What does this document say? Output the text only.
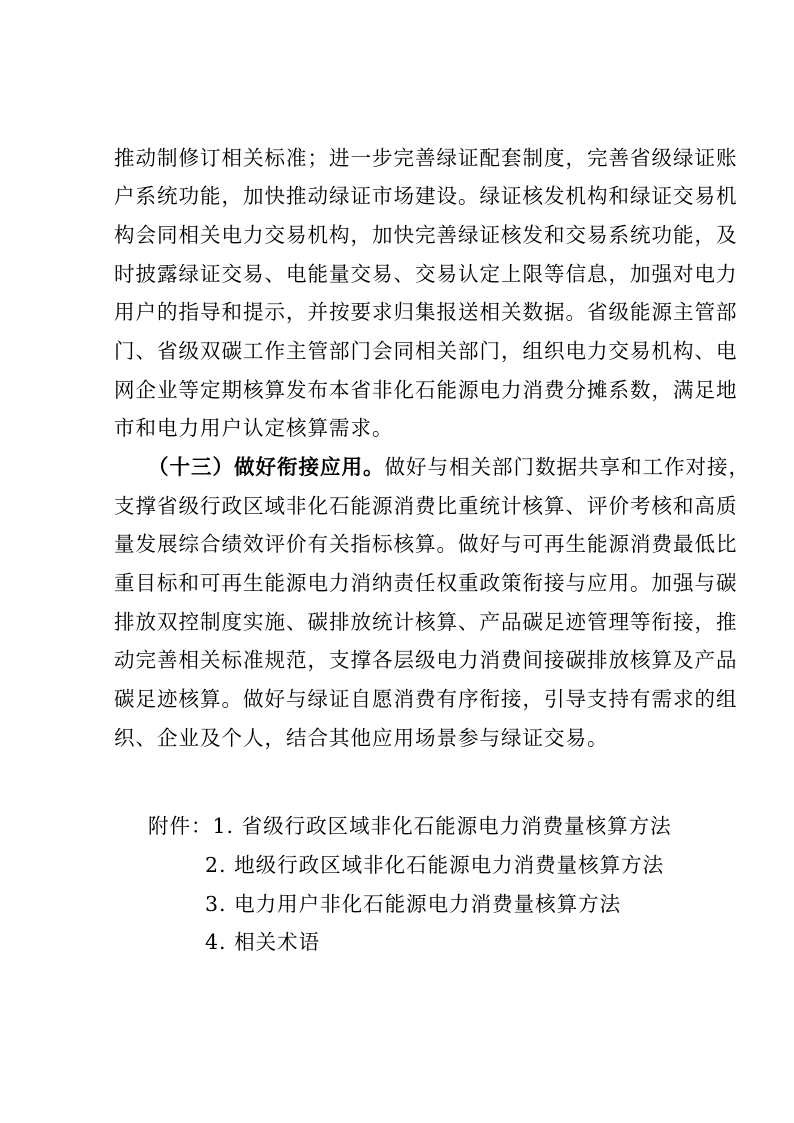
推动制修订相关标准；进一步完善绿证配套制度，完善省级绿证账
户系统功能，加快推动绿证市场建设。绿证核发机构和绿证交易机
构会同相关电力交易机构，加快完善绿证核发和交易系统功能，及
时披露绿证交易、电能量交易、交易认定上限等信息，加强对电力
用户的指导和提示，并按要求归集报送相关数据。省级能源主管部
门、省级双碳工作主管部门会同相关部门，组织电力交易机构、电
网企业等定期核算发布本省非化石能源电力消费分摊系数，满足地
市和电力用户认定核算需求。
（十三）做好衔接应用。做好与相关部门数据共享和工作对接，
支撑省级行政区域非化石能源消费比重统计核算、评价考核和高质
量发展综合绩效评价有关指标核算。做好与可再生能源消费最低比
重目标和可再生能源电力消纳责任权重政策衔接与应用。加强与碳
排放双控制度实施、碳排放统计核算、产品碳足迹管理等衔接，推
动完善相关标准规范，支撑各层级电力消费间接碳排放核算及产品
碳足迹核算。做好与绿证自愿消费有序衔接，引导支持有需求的组
织、企业及个人，结合其他应用场景参与绿证交易。
附件：1. 省级行政区域非化石能源电力消费量核算方法
2. 地级行政区域非化石能源电力消费量核算方法
3. 电力用户非化石能源电力消费量核算方法
4. 相关术语
